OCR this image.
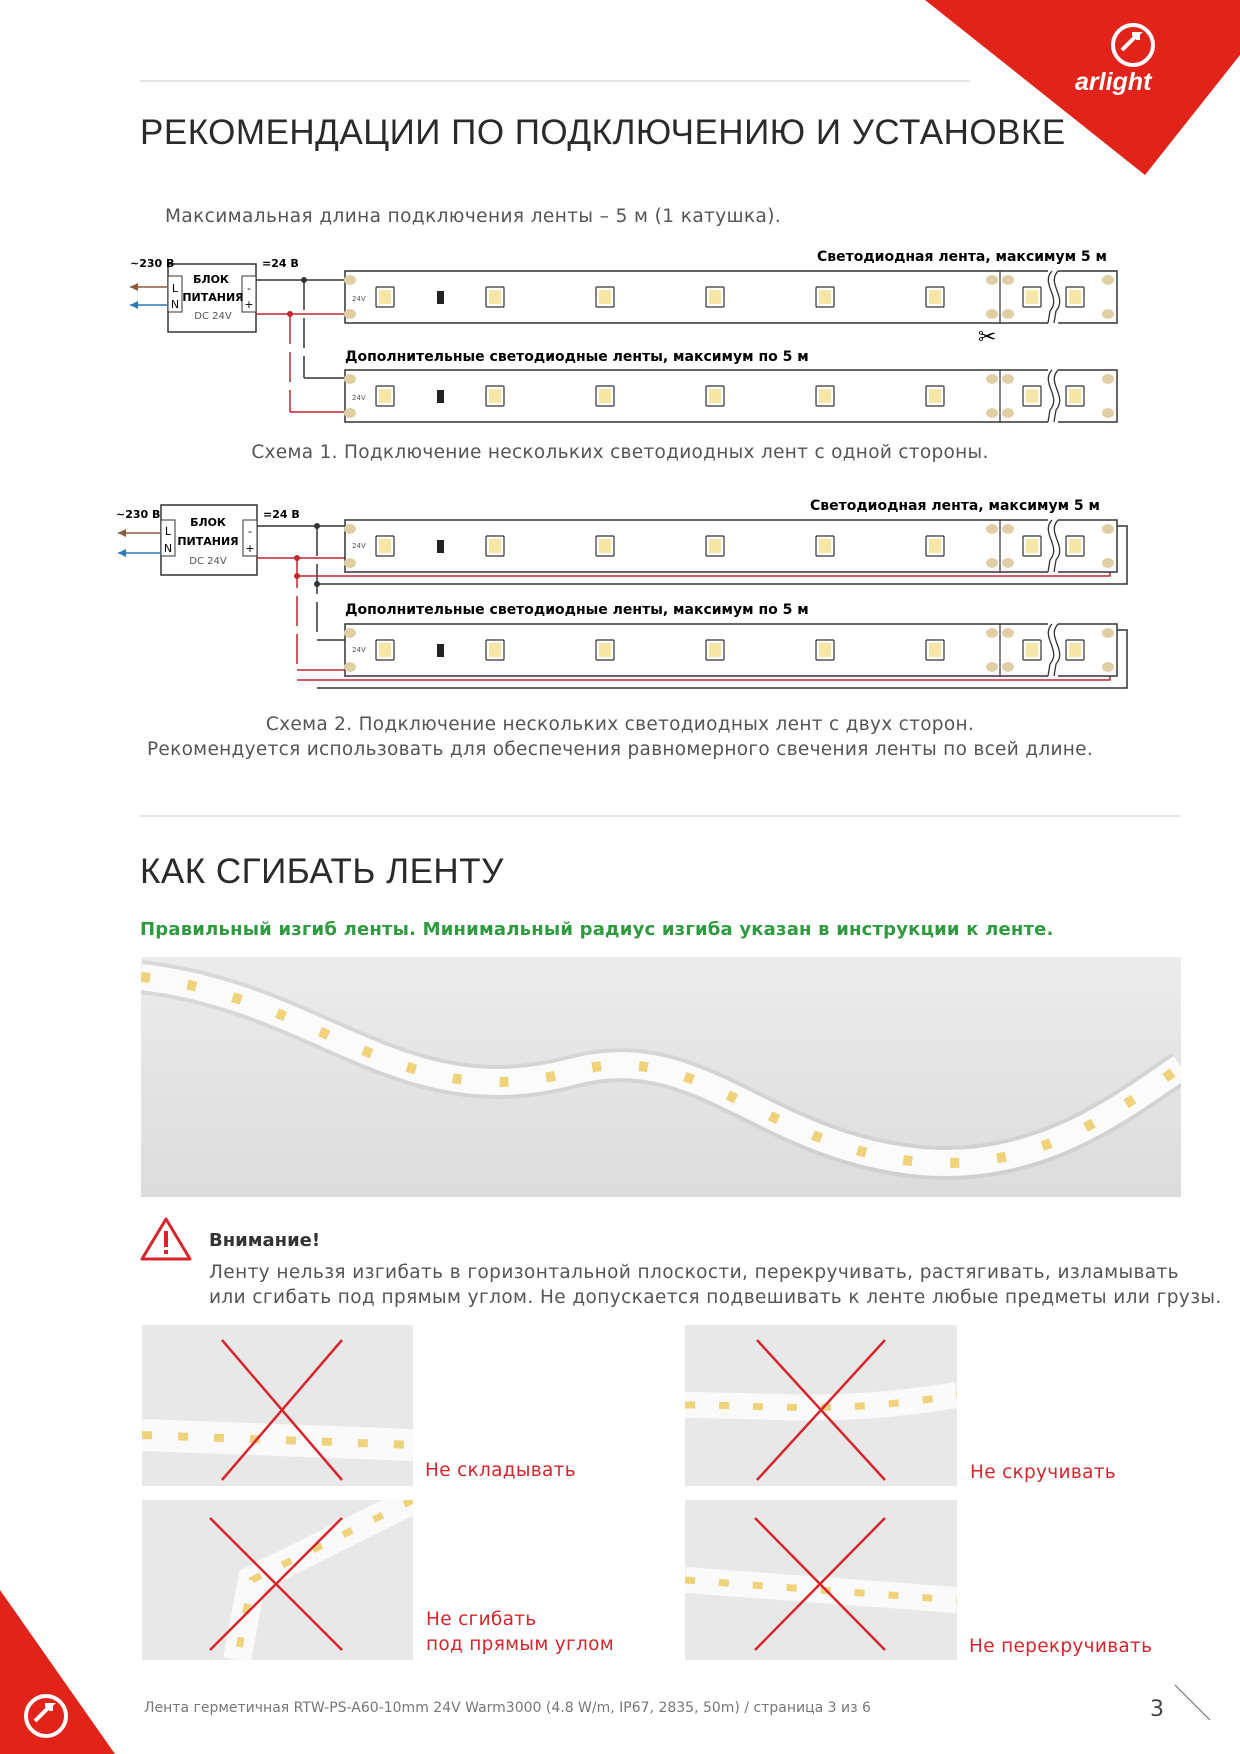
arlight
РЕКОМЕНДАЦИИ ПО ПОДКЛЮЧЕНИЮ И УСТАНОВКЕ
Максимальная длина подключения ленты – 5 м (1 катушка).
БЛОК
ПИТАНИЯ
DC 24V
L
N
-
+
~230 В	=24 В	Светодиодная лента, максимум 5 м
Дополнительные светодиодные ленты, максимум по 5 м
✂
24V
24V
Схема 1. Подключение нескольких светодиодных лент с одной стороны.
БЛОК
ПИТАНИЯ
DC 24V
L
N
-
+
~230 В	=24 В
Светодиодная лента, максимум 5 м
Дополнительные светодиодные ленты, максимум по 5 м
24V
24V
Схема 2. Подключение нескольких светодиодных лент с двух сторон.
Рекомендуется использовать для обеспечения равномерного свечения ленты по всей длине.
КАК СГИБАТЬ ЛЕНТУ
Правильный изгиб ленты. Минимальный радиус изгиба указан в инструкции к ленте.
Внимание!
Ленту нельзя изгибать в горизонтальной плоскости, перекручивать, растягивать, изламывать
или сгибать под прямым углом. Не допускается подвешивать к ленте любые предметы или грузы.
Не складывать	Не скручивать
Не сгибать
под прямым углом	Не перекручивать
Лента герметичная RTW-PS-A60-10mm 24V Warm3000 (4.8 W/m, IP67, 2835, 50m) / страница 3 из 6	3
